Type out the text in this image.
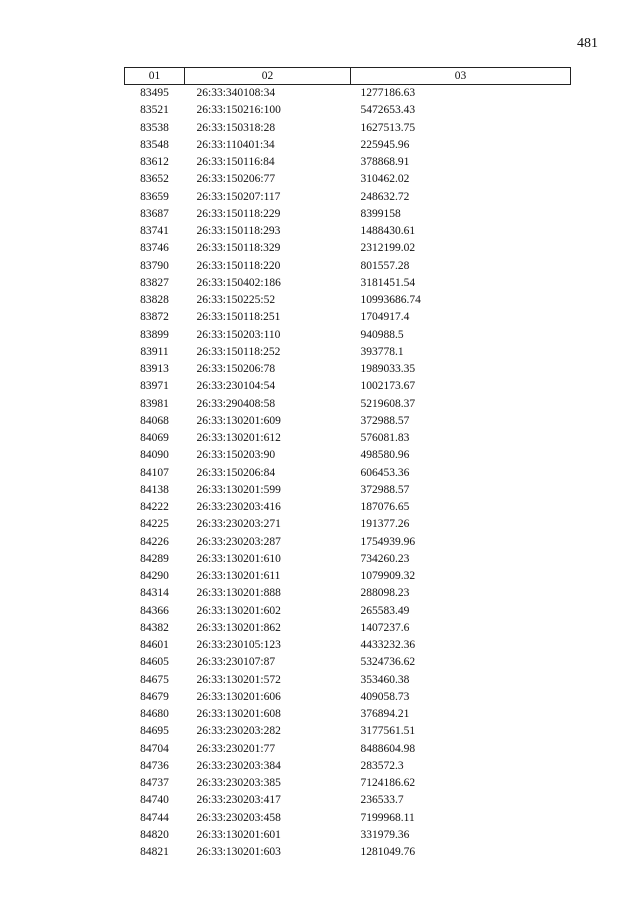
481
01	02	03
83495	26:33:340108:34	1277186.63
83521	26:33:150216:100	5472653.43
83538	26:33:150318:28	1627513.75
83548	26:33:110401:34	225945.96
83612	26:33:150116:84	378868.91
83652	26:33:150206:77	310462.02
83659	26:33:150207:117	248632.72
83687	26:33:150118:229	8399158
83741	26:33:150118:293	1488430.61
83746	26:33:150118:329	2312199.02
83790	26:33:150118:220	801557.28
83827	26:33:150402:186	3181451.54
83828	26:33:150225:52	10993686.74
83872	26:33:150118:251	1704917.4
83899	26:33:150203:110	940988.5
83911	26:33:150118:252	393778.1
83913	26:33:150206:78	1989033.35
83971	26:33:230104:54	1002173.67
83981	26:33:290408:58	5219608.37
84068	26:33:130201:609	372988.57
84069	26:33:130201:612	576081.83
84090	26:33:150203:90	498580.96
84107	26:33:150206:84	606453.36
84138	26:33:130201:599	372988.57
84222	26:33:230203:416	187076.65
84225	26:33:230203:271	191377.26
84226	26:33:230203:287	1754939.96
84289	26:33:130201:610	734260.23
84290	26:33:130201:611	1079909.32
84314	26:33:130201:888	288098.23
84366	26:33:130201:602	265583.49
84382	26:33:130201:862	1407237.6
84601	26:33:230105:123	4433232.36
84605	26:33:230107:87	5324736.62
84675	26:33:130201:572	353460.38
84679	26:33:130201:606	409058.73
84680	26:33:130201:608	376894.21
84695	26:33:230203:282	3177561.51
84704	26:33:230201:77	8488604.98
84736	26:33:230203:384	283572.3
84737	26:33:230203:385	7124186.62
84740	26:33:230203:417	236533.7
84744	26:33:230203:458	7199968.11
84820	26:33:130201:601	331979.36
84821	26:33:130201:603	1281049.76
